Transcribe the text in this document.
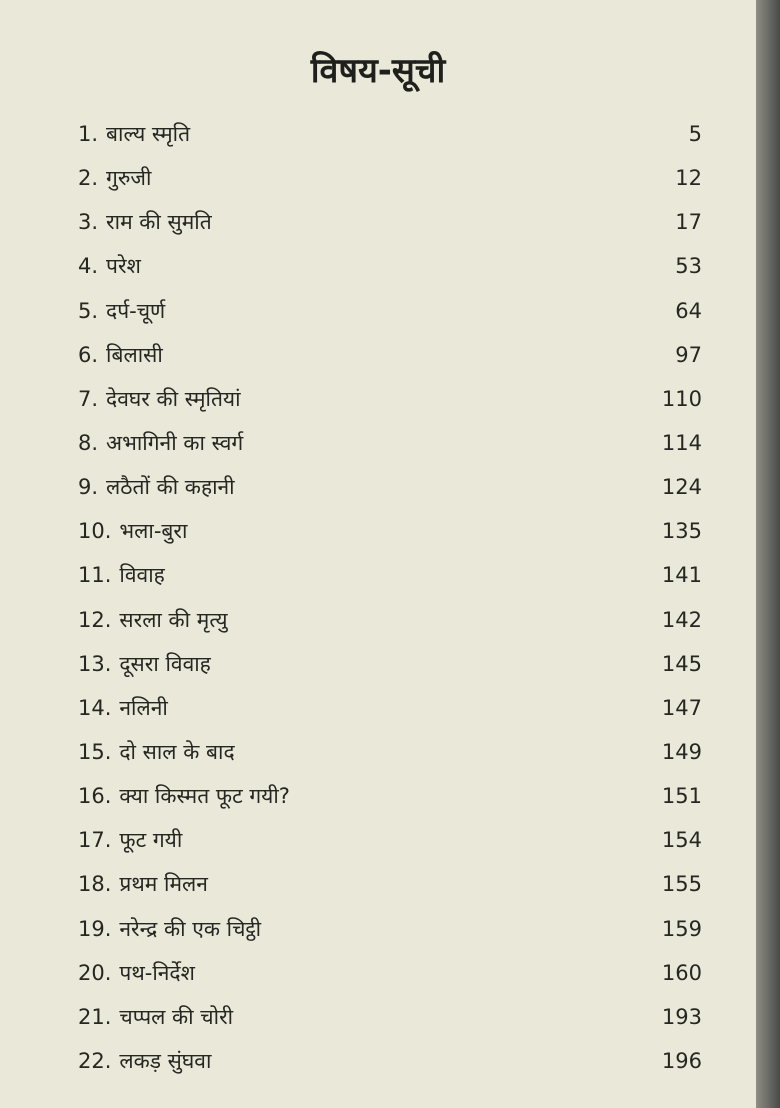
विषय-सूची
1. बाल्य स्मृति	5
2. गुरुजी	12
3. राम की सुमति	17
4. परेश	53
5. दर्प-चूर्ण	64
6. बिलासी	97
7. देवघर की स्मृतियां	110
8. अभागिनी का स्वर्ग	114
9. लठैतों की कहानी	124
10. भला-बुरा	135
11. विवाह	141
12. सरला की मृत्यु	142
13. दूसरा विवाह	145
14. नलिनी	147
15. दो साल के बाद	149
16. क्या किस्मत फूट गयी?	151
17. फूट गयी	154
18. प्रथम मिलन	155
19. नरेन्द्र की एक चिट्ठी	159
20. पथ-निर्देश	160
21. चप्पल की चोरी	193
22. लकड़ सुंघवा	196
